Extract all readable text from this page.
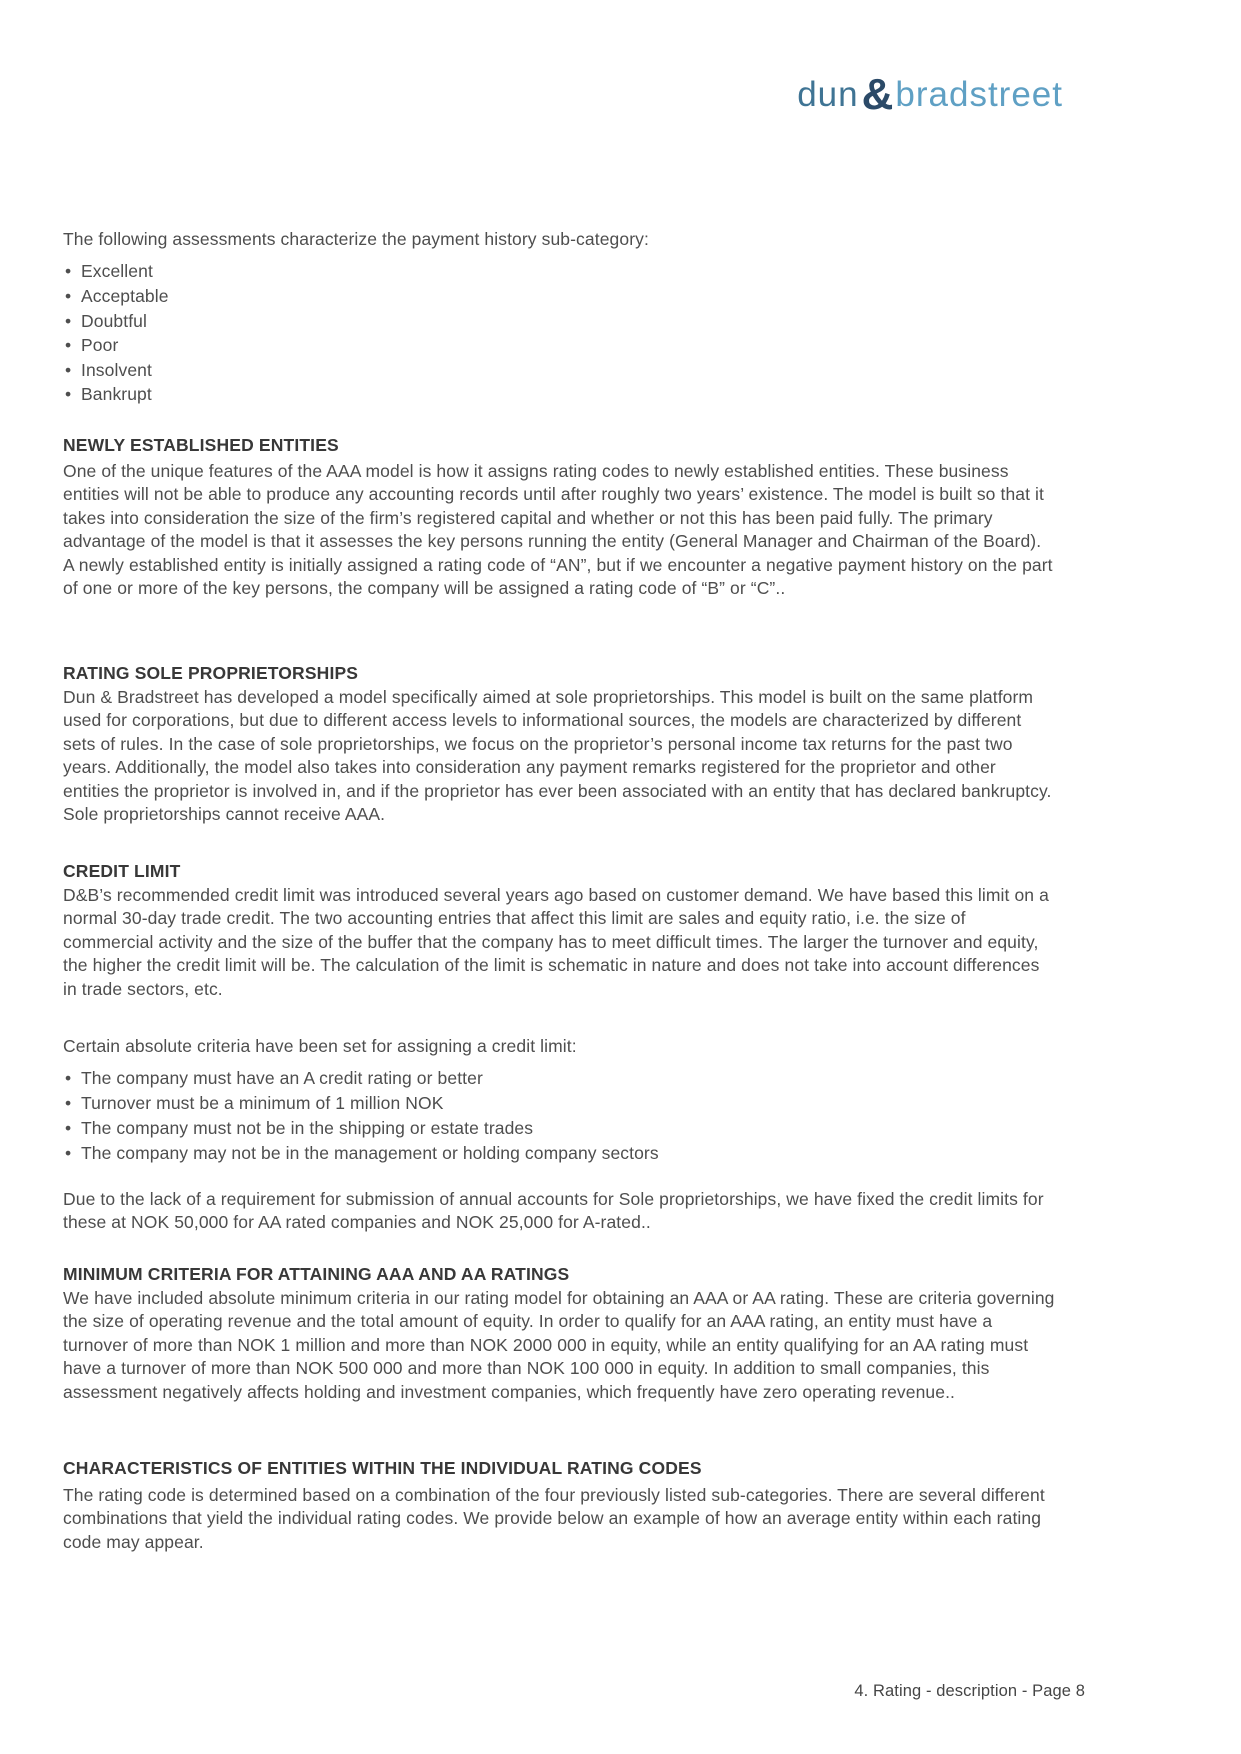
dun&bradstreet

The following assessments characterize the payment history sub-category:

• Excellent
• Acceptable
• Doubtful
• Poor
• Insolvent
• Bankrupt
NEWLY ESTABLISHED ENTITIES

One of the unique features of the AAA model is how it assigns rating codes to newly established entities. These business entities will not be able to produce any accounting records until after roughly two years’ existence. The model is built so that it takes into consideration the size of the firm’s registered capital and whether or not this has been paid fully. The primary advantage of the model is that it assesses the key persons running the entity (General Manager and Chairman of the Board). A newly established entity is initially assigned a rating code of “AN”, but if we encounter a negative payment history on the part of one or more of the key persons, the company will be assigned a rating code of “B” or “C”..

RATING SOLE PROPRIETORSHIPS

Dun & Bradstreet has developed a model specifically aimed at sole proprietorships. This model is built on the same platform used for corporations, but due to different access levels to informational sources, the models are characterized by different sets of rules. In the case of sole proprietorships, we focus on the proprietor’s personal income tax returns for the past two years. Additionally, the model also takes into consideration any payment remarks registered for the proprietor and other entities the proprietor is involved in, and if the proprietor has ever been associated with an entity that has declared bankruptcy. Sole proprietorships cannot receive AAA.

CREDIT LIMIT

D&B’s recommended credit limit was introduced several years ago based on customer demand. We have based this limit on a normal 30-day trade credit. The two accounting entries that affect this limit are sales and equity ratio, i.e. the size of commercial activity and the size of the buffer that the company has to meet difficult times. The larger the turnover and equity, the higher the credit limit will be. The calculation of the limit is schematic in nature and does not take into account differences in trade sectors, etc.

Certain absolute criteria have been set for assigning a credit limit:

• The company must have an A credit rating or better
• Turnover must be a minimum of 1 million NOK
• The company must not be in the shipping or estate trades
• The company may not be in the management or holding company sectors

Due to the lack of a requirement for submission of annual accounts for Sole proprietorships, we have fixed the credit limits for these at NOK 50,000 for AA rated companies and NOK 25,000 for A-rated..

MINIMUM CRITERIA FOR ATTAINING AAA AND AA RATINGS

We have included absolute minimum criteria in our rating model for obtaining an AAA or AA rating. These are criteria governing the size of operating revenue and the total amount of equity. In order to qualify for an AAA rating, an entity must have a turnover of more than NOK 1 million and more than NOK 2000 000 in equity, while an entity qualifying for an AA rating must have a turnover of more than NOK 500 000 and more than NOK 100 000 in equity. In addition to small companies, this assessment negatively affects holding and investment companies, which frequently have zero operating revenue..

CHARACTERISTICS OF ENTITIES WITHIN THE INDIVIDUAL RATING CODES

The rating code is determined based on a combination of the four previously listed sub-categories. There are several different combinations that yield the individual rating codes. We provide below an example of how an average entity within each rating code may appear.

4. Rating - description - Page 8
